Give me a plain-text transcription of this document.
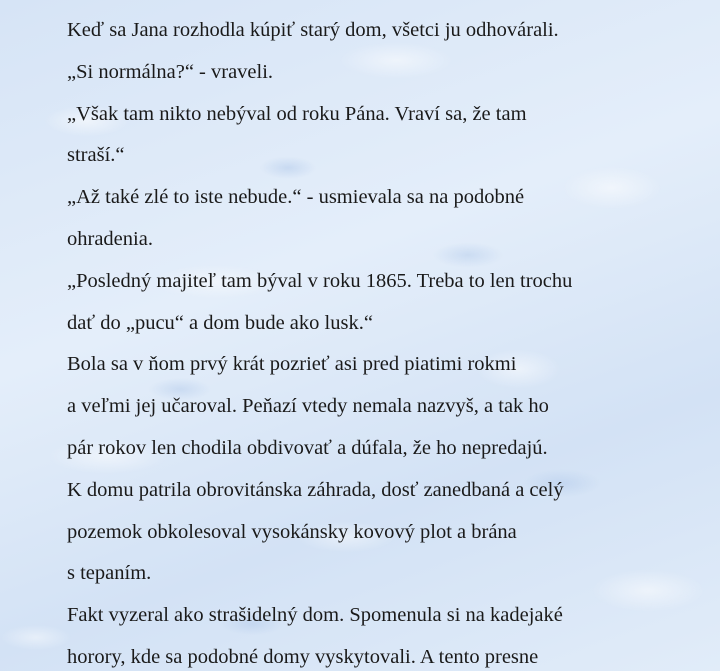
Keď sa Jana rozhodla kúpiť starý dom, všetci ju odhovárali.
„Si normálna?“ - vraveli.
„Však tam nikto nebýval od roku Pána. Vraví sa, že tam
straší.“
„Až také zlé to iste nebude.“ - usmievala sa na podobné
ohradenia.
„Posledný majiteľ tam býval v roku 1865. Treba to len trochu
dať do „pucu“ a dom bude ako lusk.“
Bola sa v ňom prvý krát pozrieť asi pred piatimi rokmi
a veľmi jej učaroval. Peňazí vtedy nemala nazvyš, a tak ho
pár rokov len chodila obdivovať a dúfala, že ho nepredajú.
K domu patrila obrovitánska záhrada, dosť zanedbaná a celý
pozemok obkolesoval vysokánsky kovový plot a brána
s tepaním.
Fakt vyzeral ako strašidelný dom. Spomenula si na kadejaké
horory, kde sa podobné domy vyskytovali. A tento presne
